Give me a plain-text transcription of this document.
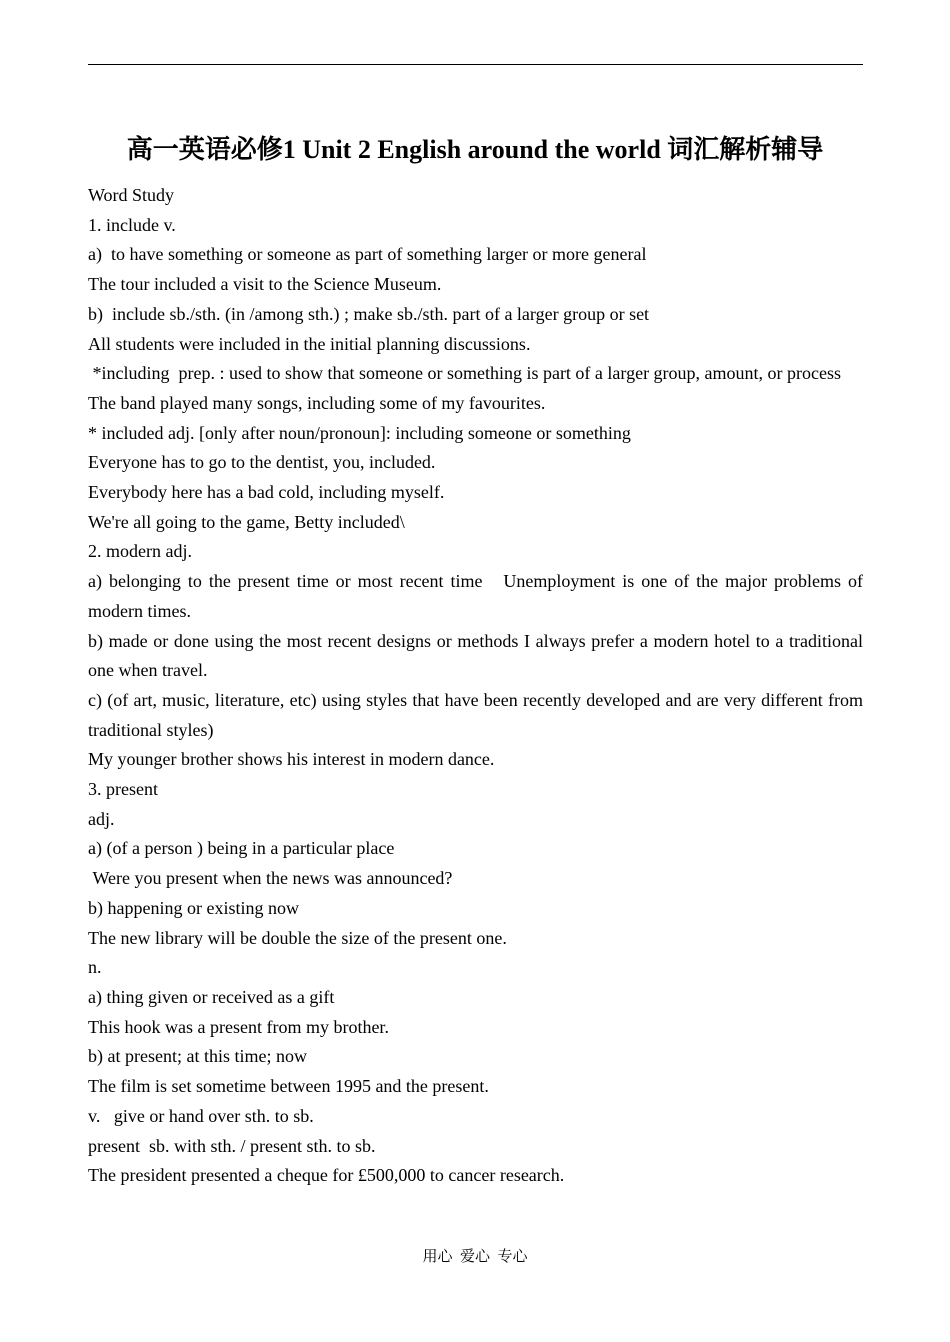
高一英语必修1 Unit 2 English around the world 词汇解析辅导

Word Study

1. include v.

a)  to have something or someone as part of something larger or more general

The tour included a visit to the Science Museum.

b)  include sb./sth. (in /among sth.) ; make sb./sth. part of a larger group or set

All students were included in the initial planning discussions.

*including  prep. : used to show that someone or something is part of a larger group, amount, or process

The band played many songs, including some of my favourites.

* included adj. [only after noun/pronoun]: including someone or something

Everyone has to go to the dentist, you, included.

Everybody here has a bad cold, including myself.

We're all going to the game, Betty included\

2. modern adj.

a) belonging to the present time or most recent time   Unemployment is one of the major problems of modern times.

b) made or done using the most recent designs or methods I always prefer a modern hotel to a traditional one when travel.

c) (of art, music, literature, etc) using styles that have been recently developed and are very different from traditional styles)

My younger brother shows his interest in modern dance.

3. present

adj.

a) (of a person ) being in a particular place

Were you present when the news was announced?

b) happening or existing now

The new library will be double the size of the present one.

n.

a) thing given or received as a gift

This hook was a present from my brother.

b) at present; at this time; now

The film is set sometime between 1995 and the present.

v.   give or hand over sth. to sb.

present  sb. with sth. / present sth. to sb.

The president presented a cheque for £500,000 to cancer research.

用心  爱心  专心
